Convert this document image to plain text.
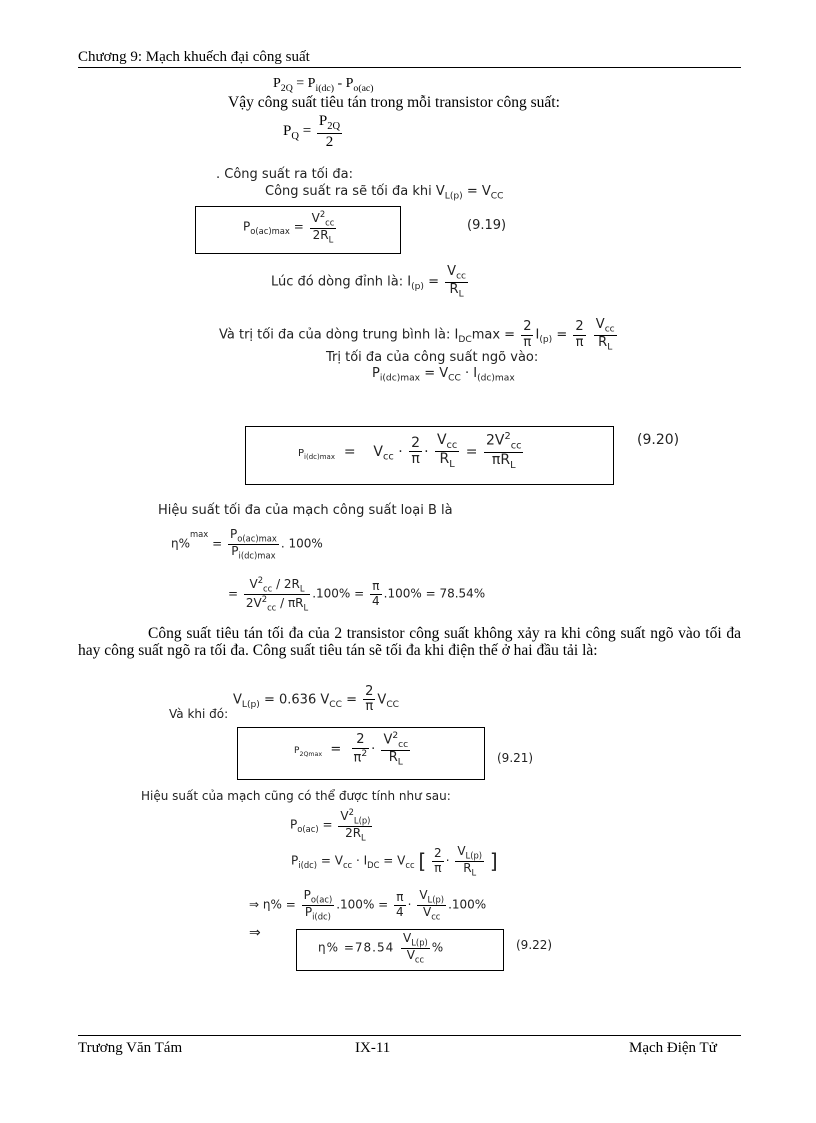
Chương 9: Mạch khuếch đại công suất
$P_{2Q} = P_{i(dc)} - P_{o(ac)}$
Vậy công suất tiêu tán trong mỗi transistor công suất:
$P_Q = \frac{P_{2Q}}{2}$
. Công suất ra tối đa:
Công suất ra sẽ tối đa khi $V_{L(p)} = V_{CC}$
$P_{o(ac)max} = \frac{V^2_{cc}}{2R_L}$	(9.19)
Lúc đó dòng đỉnh là: $I_{(p)} = \frac{V_{cc}}{R_L}$
Và trị tối đa của dòng trung bình là: $I_{DC}\max = \frac{2}{\pi} I_{(p)} = \frac{2}{\pi}$
$\frac{V_{cc}}{R_L}$
Trị tối đa của công suất ngõ vào:
$P_{i(dc)max} = V_{CC} \cdot I_{(dc)max}$
$P_{i(dc)max}$  =    $V_{cc} \cdot \frac{2}{\pi} \cdot \frac{V_{cc}}{R_L} = \frac{2V^2_{cc}}{\pi R_L}$	(9.20)
Hiệu suất tối đa của mạch công suất loại B là
$\eta\%^{max} = \frac{P_{o(ac)max}}{P_{i(dc)max}}$ . 100%
= $\frac{V^2_{cc} / 2R_L}{2V^2_{cc} / \pi R_L} .100\% = \frac{\pi}{4} .100\% = 78.54\%$
Công suất tiêu tán tối đa của 2 transistor công suất không xảy ra khi công suất ngõ vào tối đa hay công suất ngõ ra tối đa. Công suất tiêu tán sẽ tối đa khi điện thế ở hai đầu tải là:
$V_{L(p)} = 0.636$ $V_{CC} = \frac{2}{\pi} V_{CC}$
Và khi đó:
$P_{2Qmax} = \frac{2}{\pi^2} \cdot \frac{V^2_{cc}}{R_L}$	(9.21)
Hiệu suất của mạch cũng có thể được tính như sau:
$P_{o(ac)} = \frac{V^2_{L(p)}}{2R_L}$
$P_{i(dc)} = V_{cc} \cdot I_{DC} = V_{cc}$ [ $\frac{2}{\pi} \cdot \frac{V_{L(p)}}{R_L}$ ]
⇒ $\eta\% = \frac{P_{o(ac)}}{P_{i(dc)}} .100\% = \frac{\pi}{4} \cdot \frac{V_{L(p)}}{V_{cc}} .100\%$
⇒
$\eta\% =78.54 \frac{V_{L(p)}}{V_{cc}}$ %	(9.22)
Trương Văn Tám	IX-11	Mạch Điện Tử
